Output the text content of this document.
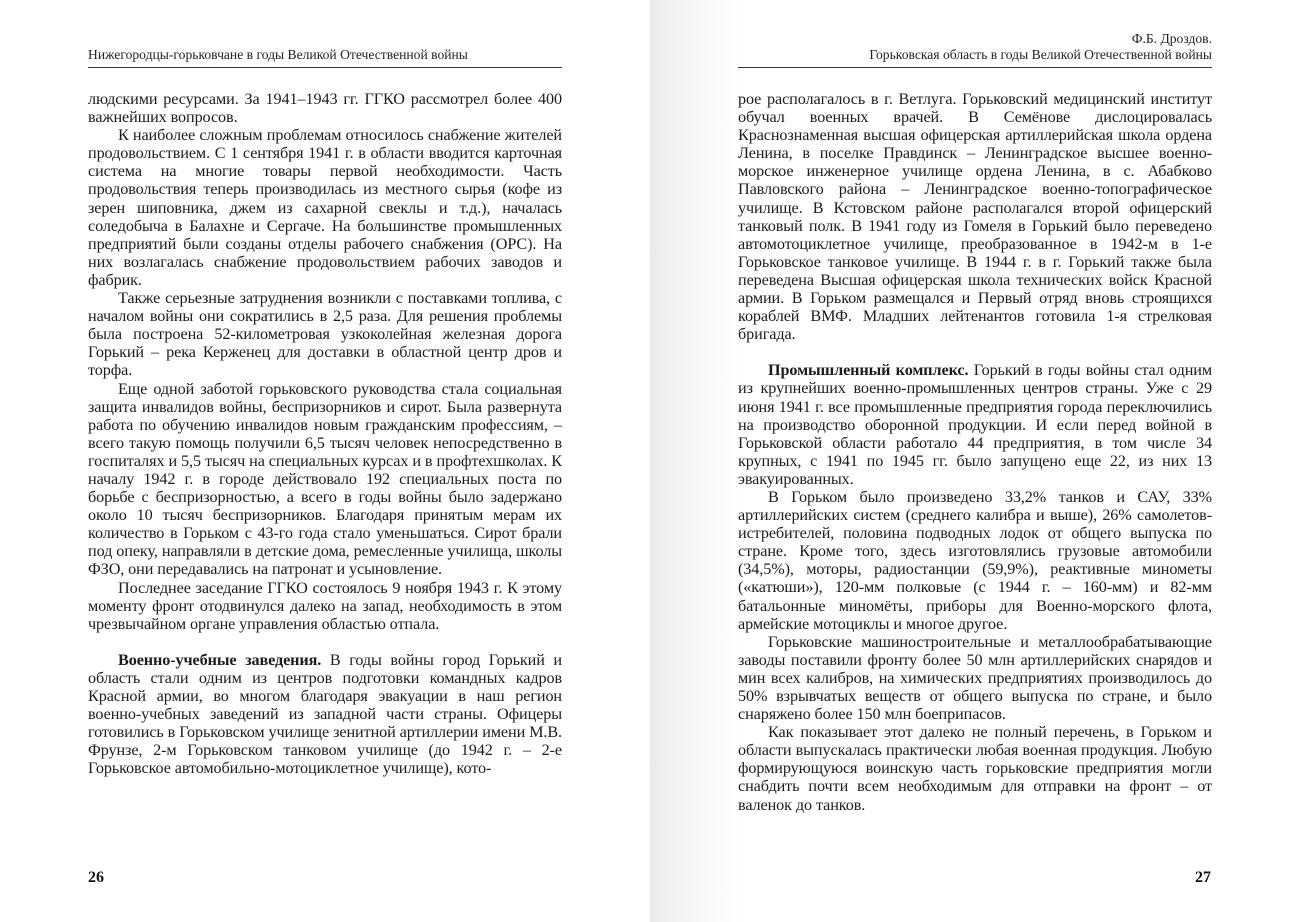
Нижегородцы-горьковчане в годы Великой Отечественной войны

людскими ресурсами. За 1941–1943 гг. ГГКО рассмотрел более 400 важнейших вопросов.

К наиболее сложным проблемам относилось снабжение жителей продовольствием. С 1 сентября 1941 г. в области вводится карточная система на многие товары первой необходимости. Часть продовольствия теперь производилась из местного сырья (кофе из зерен шиповника, джем из сахарной свеклы и т.д.), началась соледобыча в Балахне и Сергаче. На большинстве промышленных предприятий были созданы отделы рабочего снабжения (ОРС). На них возлагалась снабжение продовольствием рабочих заводов и фабрик.

Также серьезные затруднения возникли с поставками топлива, с началом войны они сократились в 2,5 раза. Для решения проблемы была построена 52-километровая узкоколейная железная дорога Горький – река Керженец для доставки в областной центр дров и торфа.

Еще одной заботой горьковского руководства стала социальная защита инвалидов войны, беспризорников и сирот. Была развернута работа по обучению инвалидов новым гражданским профессиям, – всего такую помощь получили 6,5 тысяч человек непосредственно в госпиталях и 5,5 тысяч на специальных курсах и в профтехшколах. К началу 1942 г. в городе действовало 192 специальных поста по борьбе с беспризорностью, а всего в годы войны было задержано около 10 тысяч беспризорников. Благодаря принятым мерам их количество в Горьком с 43-го года стало уменьшаться. Сирот брали под опеку, направляли в детские дома, ремесленные училища, школы ФЗО, они передавались на патронат и усыновление.

Последнее заседание ГГКО состоялось 9 ноября 1943 г. К этому моменту фронт отодвинулся далеко на запад, необходимость в этом чрезвычайном органе управления областью отпала.

Военно-учебные заведения. В годы войны город Горький и область стали одним из центров подготовки командных кадров Красной армии, во многом благодаря эвакуации в наш регион военно-учебных заведений из западной части страны. Офицеры готовились в Горьковском училище зенитной артиллерии имени М.В. Фрунзе, 2-м Горьковском танковом училище (до 1942 г. – 2-е Горьковское автомобильно-мотоциклетное училище), кото-

26
Ф.Б. Дроздов.
Горьковская область в годы Великой Отечественной войны

рое располагалось в г. Ветлуга. Горьковский медицинский институт обучал военных врачей. В Семёнове дислоцировалась Краснознаменная высшая офицерская артиллерийская школа ордена Ленина, в поселке Правдинск – Ленинградское высшее военно-морское инженерное училище ордена Ленина, в с. Абабково Павловского района – Ленинградское военно-топографическое училище. В Кстовском районе располагался второй офицерский танковый полк. В 1941 году из Гомеля в Горький было переведено автомотоциклетное училище, преобразованное в 1942-м в 1-е Горьковское танковое училище. В 1944 г. в г. Горький также была переведена Высшая офицерская школа технических войск Красной армии. В Горьком размещался и Первый отряд вновь строящихся кораблей ВМФ. Младших лейтенантов готовила 1-я стрелковая бригада.

Промышленный комплекс. Горький в годы войны стал одним из крупнейших военно-промышленных центров страны. Уже с 29 июня 1941 г. все промышленные предприятия города переключились на производство оборонной продукции. И если перед войной в Горьковской области работало 44 предприятия, в том числе 34 крупных, с 1941 по 1945 гг. было запущено еще 22, из них 13 эвакуированных.

В Горьком было произведено 33,2% танков и САУ, 33% артиллерийских систем (среднего калибра и выше), 26% самолетов-истребителей, половина подводных лодок от общего выпуска по стране. Кроме того, здесь изготовлялись грузовые автомобили (34,5%), моторы, радиостанции (59,9%), реактивные минометы («катюши»), 120-мм полковые (с 1944 г. – 160-мм) и 82-мм батальонные минoмёты, приборы для Военно-морского флота, армейские мотоциклы и многое другое.

Горьковские машиностроительные и металлообрабатывающие заводы поставили фронту более 50 млн артиллерийских снарядов и мин всех калибров, на химических предприятиях производилось до 50% взрывчатых веществ от общего выпуска по стране, и было снаряжено более 150 млн боеприпасов.

Как показывает этот далеко не полный перечень, в Горьком и области выпускалась практически любая военная продукция. Любую формирующуюся воинскую часть горьковские предприятия могли снабдить почти всем необходимым для отправки на фронт – от валенок до танков.

27
